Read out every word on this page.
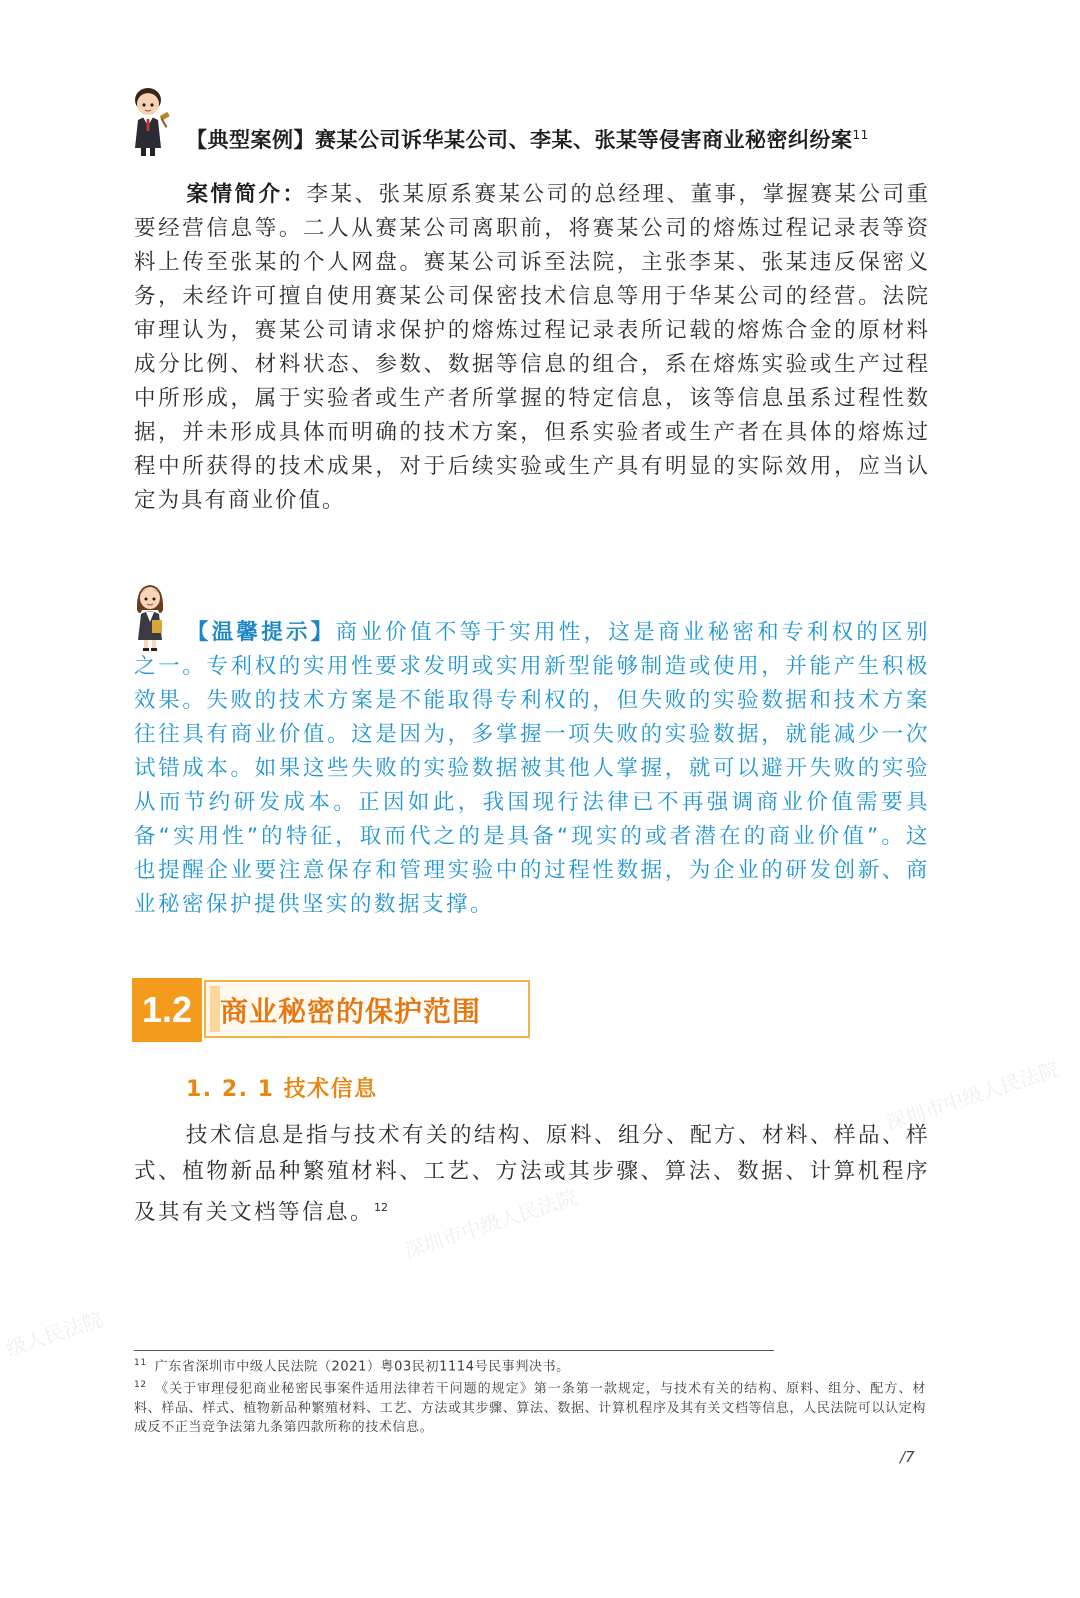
深圳市中级人民法院
深圳市中级人民法院
级人民法院
【典型案例】赛某公司诉华某公司、李某、张某等侵害商业秘密纠纷案$^{11}$
案情简介：李某、张某原系赛某公司的总经理、董事，掌握赛某公司重要经营信息等。二人从赛某公司离职前，将赛某公司的熔炼过程记录表等资料上传至张某的个人网盘。赛某公司诉至法院，主张李某、张某违反保密义务，未经许可擅自使用赛某公司保密技术信息等用于华某公司的经营。法院审理认为，赛某公司请求保护的熔炼过程记录表所记载的熔炼合金的原材料成分比例、材料状态、参数、数据等信息的组合，系在熔炼实验或生产过程中所形成，属于实验者或生产者所掌握的特定信息，该等信息虽系过程性数据，并未形成具体而明确的技术方案，但系实验者或生产者在具体的熔炼过程中所获得的技术成果，对于后续实验或生产具有明显的实际效用，应当认定为具有商业价值。
【温馨提示】商业价值不等于实用性，这是商业秘密和专利权的区别之一。专利权的实用性要求发明或实用新型能够制造或使用，并能产生积极效果。失败的技术方案是不能取得专利权的，但失败的实验数据和技术方案往往具有商业价值。这是因为，多掌握一项失败的实验数据，就能减少一次试错成本。如果这些失败的实验数据被其他人掌握，就可以避开失败的实验从而节约研发成本。正因如此，我国现行法律已不再强调商业价值需要具备“实用性”的特征，取而代之的是具备“现实的或者潜在的商业价值”。这也提醒企业要注意保存和管理实验中的过程性数据，为企业的研发创新、商业秘密保护提供坚实的数据支撑。
1.2 商业秘密的保护范围
1. 2. 1 技术信息
技术信息是指与技术有关的结构、原料、组分、配方、材料、样品、样式、植物新品种繁殖材料、工艺、方法或其步骤、算法、数据、计算机程序及其有关文档等信息。$^{12}$

$^{11}$ 广东省深圳市中级人民法院（2021）粤03民初1114号民事判决书。

$^{12}$ 《关于审理侵犯商业秘密民事案件适用法律若干问题的规定》第一条第一款规定，与技术有关的结构、原料、组分、配方、材料、样品、样式、植物新品种繁殖材料、工艺、方法或其步骤、算法、数据、计算机程序及其有关文档等信息，人民法院可以认定构成反不正当竞争法第九条第四款所称的技术信息。

/7
